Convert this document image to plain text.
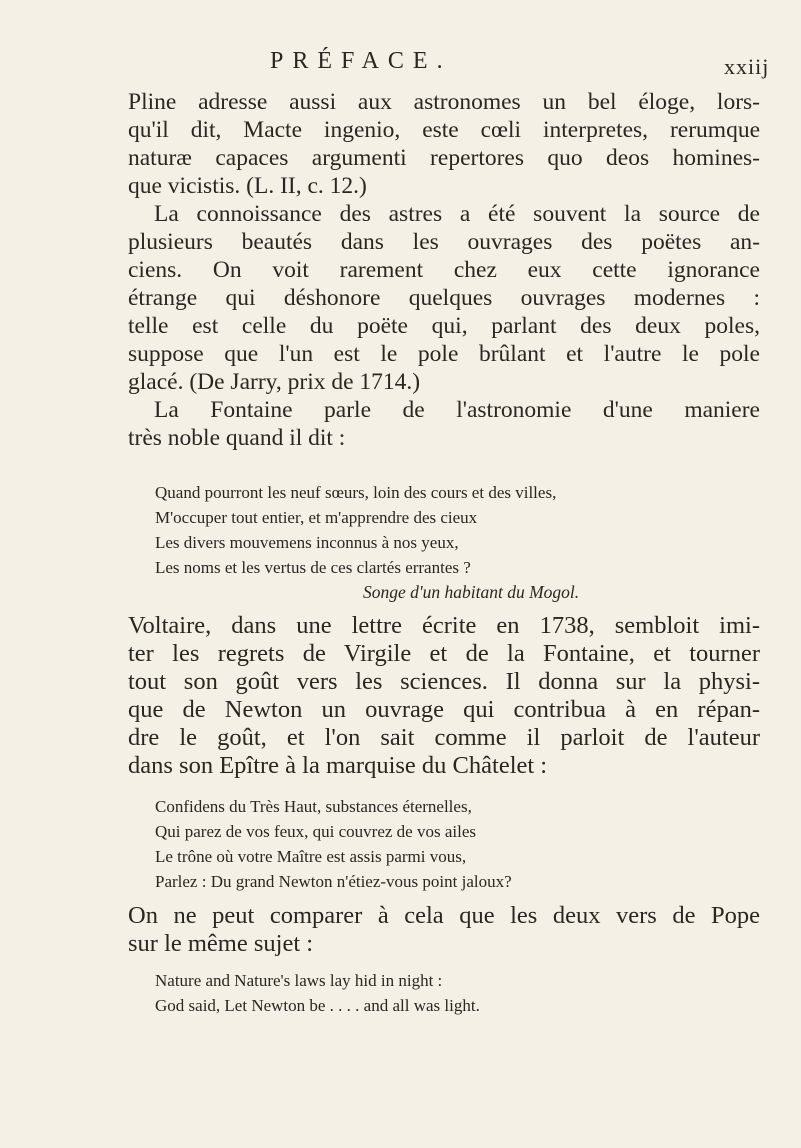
PRÉFACE.	xxiij
Pline adresse aussi aux astronomes un bel éloge, lors-
qu'il dit, Macte ingenio, este cœli interpretes, rerumque
naturæ capaces argumenti repertores quo deos homines-
que vicistis. (L. II, c. 12.)
La connoissance des astres a été souvent la source de
plusieurs beautés dans les ouvrages des poëtes an-
ciens. On voit rarement chez eux cette ignorance
étrange qui déshonore quelques ouvrages modernes :
telle est celle du poëte qui, parlant des deux poles,
suppose que l'un est le pole brûlant et l'autre le pole
glacé. (De Jarry, prix de 1714.)
La Fontaine parle de l'astronomie d'une maniere
très noble quand il dit :
Quand pourront les neuf sœurs, loin des cours et des villes,
M'occuper tout entier, et m'apprendre des cieux
Les divers mouvemens inconnus à nos yeux,
Les noms et les vertus de ces clartés errantes ?
Songe d'un habitant du Mogol.
Voltaire, dans une lettre écrite en 1738, sembloit imi-
ter les regrets de Virgile et de la Fontaine, et tourner
tout son goût vers les sciences. Il donna sur la physi-
que de Newton un ouvrage qui contribua à en répan-
dre le goût, et l'on sait comme il parloit de l'auteur
dans son Epître à la marquise du Châtelet :
Confidens du Très Haut, substances éternelles,
Qui parez de vos feux, qui couvrez de vos ailes
Le trône où votre Maître est assis parmi vous,
Parlez : Du grand Newton n'étiez-vous point jaloux?
On ne peut comparer à cela que les deux vers de Pope
sur le même sujet :
Nature and Nature's laws lay hid in night :
God said, Let Newton be . . . . and all was light.
